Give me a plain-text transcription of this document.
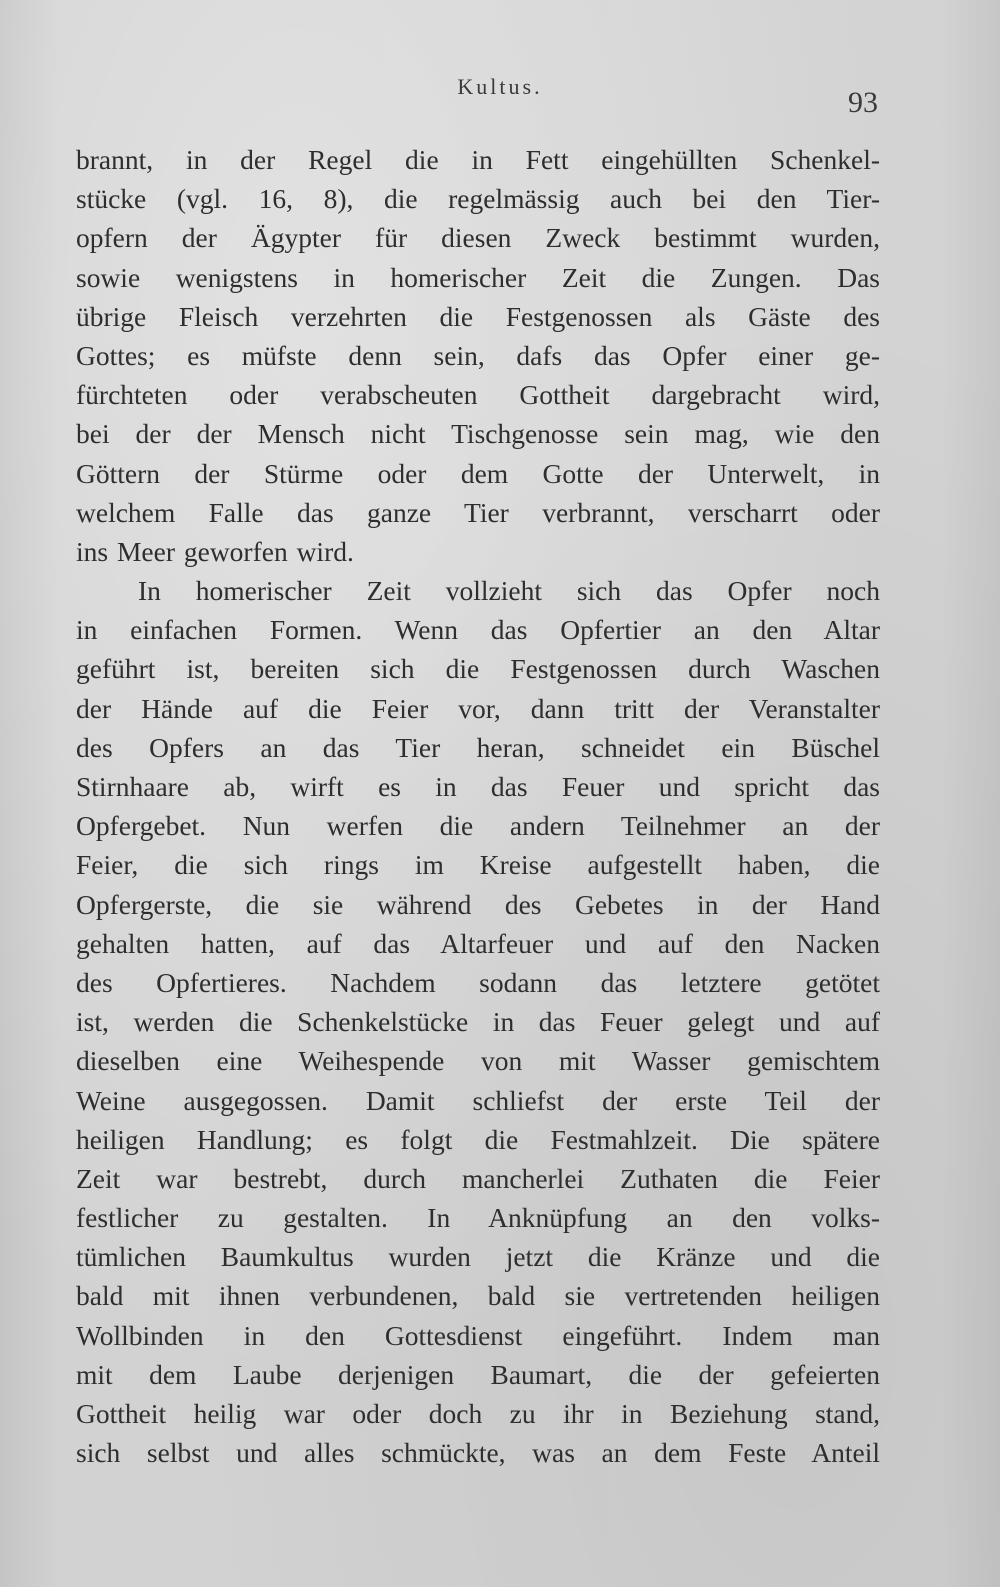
Kultus.	93
brannt, in der Regel die in Fett eingehüllten Schenkel-
stücke (vgl. 16, 8), die regelmässig auch bei den Tier-
opfern der Ägypter für diesen Zweck bestimmt wurden,
sowie wenigstens in homerischer Zeit die Zungen. Das
übrige Fleisch verzehrten die Festgenossen als Gäste des
Gottes; es müfste denn sein, dafs das Opfer einer ge-
fürchteten oder verabscheuten Gottheit dargebracht wird,
bei der der Mensch nicht Tischgenosse sein mag, wie den
Göttern der Stürme oder dem Gotte der Unterwelt, in
welchem Falle das ganze Tier verbrannt, verscharrt oder
ins Meer geworfen wird.
In homerischer Zeit vollzieht sich das Opfer noch
in einfachen Formen. Wenn das Opfertier an den Altar
geführt ist, bereiten sich die Festgenossen durch Waschen
der Hände auf die Feier vor, dann tritt der Veranstalter
des Opfers an das Tier heran, schneidet ein Büschel
Stirnhaare ab, wirft es in das Feuer und spricht das
Opfergebet. Nun werfen die andern Teilnehmer an der
Feier, die sich rings im Kreise aufgestellt haben, die
Opfergerste, die sie während des Gebetes in der Hand
gehalten hatten, auf das Altarfeuer und auf den Nacken
des Opfertieres. Nachdem sodann das letztere getötet
ist, werden die Schenkelstücke in das Feuer gelegt und auf
dieselben eine Weihespende von mit Wasser gemischtem
Weine ausgegossen. Damit schliefst der erste Teil der
heiligen Handlung; es folgt die Festmahlzeit. Die spätere
Zeit war bestrebt, durch mancherlei Zuthaten die Feier
festlicher zu gestalten. In Anknüpfung an den volks-
tümlichen Baumkultus wurden jetzt die Kränze und die
bald mit ihnen verbundenen, bald sie vertretenden heiligen
Wollbinden in den Gottesdienst eingeführt. Indem man
mit dem Laube derjenigen Baumart, die der gefeierten
Gottheit heilig war oder doch zu ihr in Beziehung stand,
sich selbst und alles schmückte, was an dem Feste Anteil
